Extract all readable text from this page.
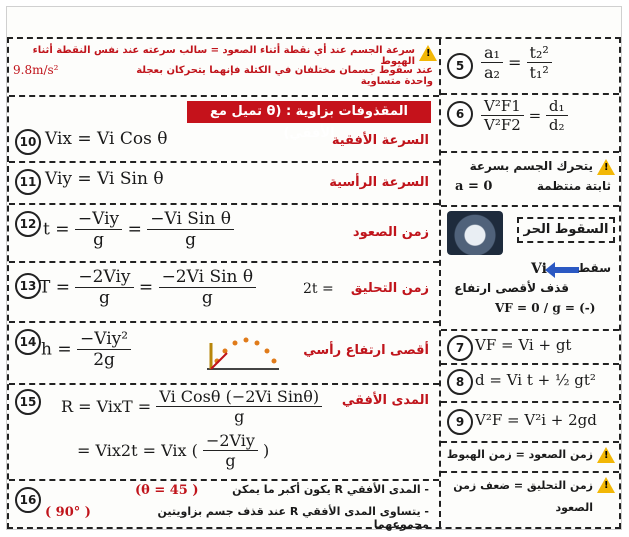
!
سرعة الجسم عند أي نقطة أثناء الصعود = سالب سرعته عند نفس النقطة أثناء الهبوط
عند سقوط جسمان مختلفان في الكتلة فإنهما يتحركان بعجلة واحدة متساوية
9.8m/s²	5	$\frac{\text{a₁}}{\text{a₂}} = \frac{\text{t₂²}}{\text{t₁²}}$
6	$\frac{\text{V²F1}}{\text{V²F2}} = \frac{\text{d₁}}{\text{d₂}}$
!
يتحرك الجسم بسرعة
ثابتة منتظمة
a = 0
السقوط الحر
Vi	سقط
قذف لأقصى ارتفاع
VF = 0 / g = (-)
7 VF = Vi + gt
8 d = Vi t + ½ gt²
9 V²F = V²i + 2gd
!
زمن الصعود = زمن الهبوط
!
زمن التحليق = ضعف زمن
الصعود
المقذوفات بزاوية : (θ تميل مع الأفقي)
10 Vix = Vi Cos θ	السرعة الأفقية
11 Viy = Vi Sin θ	السرعة الرأسية
12 $t = \frac{\text{−Viy}}{g} = \frac{\text{−Vi Sin θ}}{g}$	زمن الصعود
13 $T = \frac{\text{−2Viy}}{g} = \frac{\text{−2Vi Sin θ}}{g}$	2t = زمن التحليق
14 $h = \frac{\text{−Viy²}}{2g}$	أقصى ارتفاع رأسي
15 R = VixT = $\frac{\text{Vi Cosθ (−2Vi Sinθ)}}{g}$
= Vix2t = Vix ( $\frac{\text{−2Viy}}{g}$ )
المدى الأفقي
16
(θ = 45 )	- المدى الأفقي R يكون أكبر ما يمكن
( 90° )	- يتساوى المدى الأفقي R عند قذف جسم بزاويتين مجموعهما
